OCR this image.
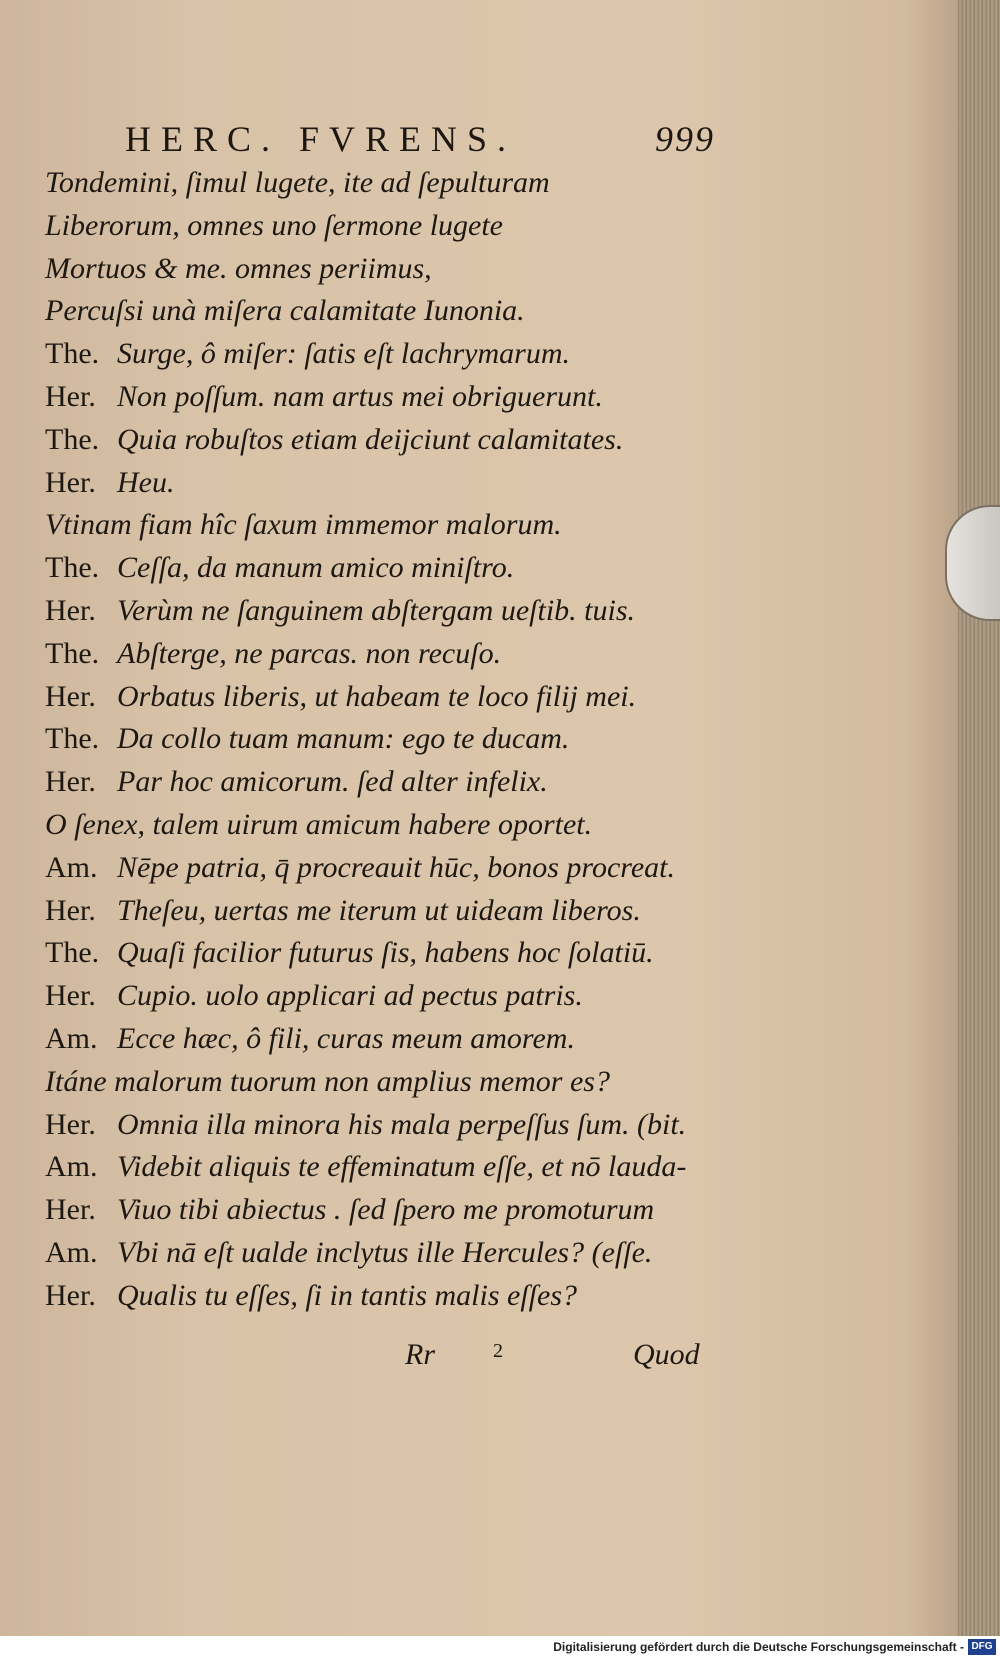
HERC. FVRENS.	999
Tondemini, ſimul lugete, ite ad ſepulturam
Liberorum, omnes uno ſermone lugete
Mortuos & me. omnes periimus,
Percuſsi unà miſera calamitate Iunonia.
The. Surge, ô miſer: ſatis eſt lachrymarum.
Her. Non poſſum. nam artus mei obriguerunt.
The. Quia robuſtos etiam deijciunt calamitates.
Her. Heu.
Vtinam fiam hîc ſaxum immemor malorum.
The. Ceſſa, da manum amico miniſtro.
Her. Verùm ne ſanguinem abſtergam ueſtib. tuis.
The. Abſterge, ne parcas. non recuſo.
Her. Orbatus liberis, ut habeam te loco filij mei.
The. Da collo tuam manum: ego te ducam.
Her. Par hoc amicorum. ſed alter infelix.
O ſenex, talem uirum amicum habere oportet.
Am. Nēpe patria, q̄ procreauit hūc, bonos procreat.
Her. Theſeu, uertas me iterum ut uideam liberos.
The. Quaſi facilior futurus ſis, habens hoc ſolatiū.
Her. Cupio. uolo applicari ad pectus patris.
Am. Ecce hæc, ô fili, curas meum amorem.
Itáne malorum tuorum non amplius memor es?
Her. Omnia illa minora his mala perpeſſus ſum. (bit.
Am. Videbit aliquis te effeminatum eſſe, et nō lauda-
Her. Viuo tibi abiectus . ſed ſpero me promoturum
Am. Vbi nā eſt ualde inclytus ille Hercules? (eſſe.
Her. Qualis tu eſſes, ſi in tantis malis eſſes?
Rr	2	Quod
Digitalisierung gefördert durch die Deutsche Forschungsgemeinschaft - DFG
